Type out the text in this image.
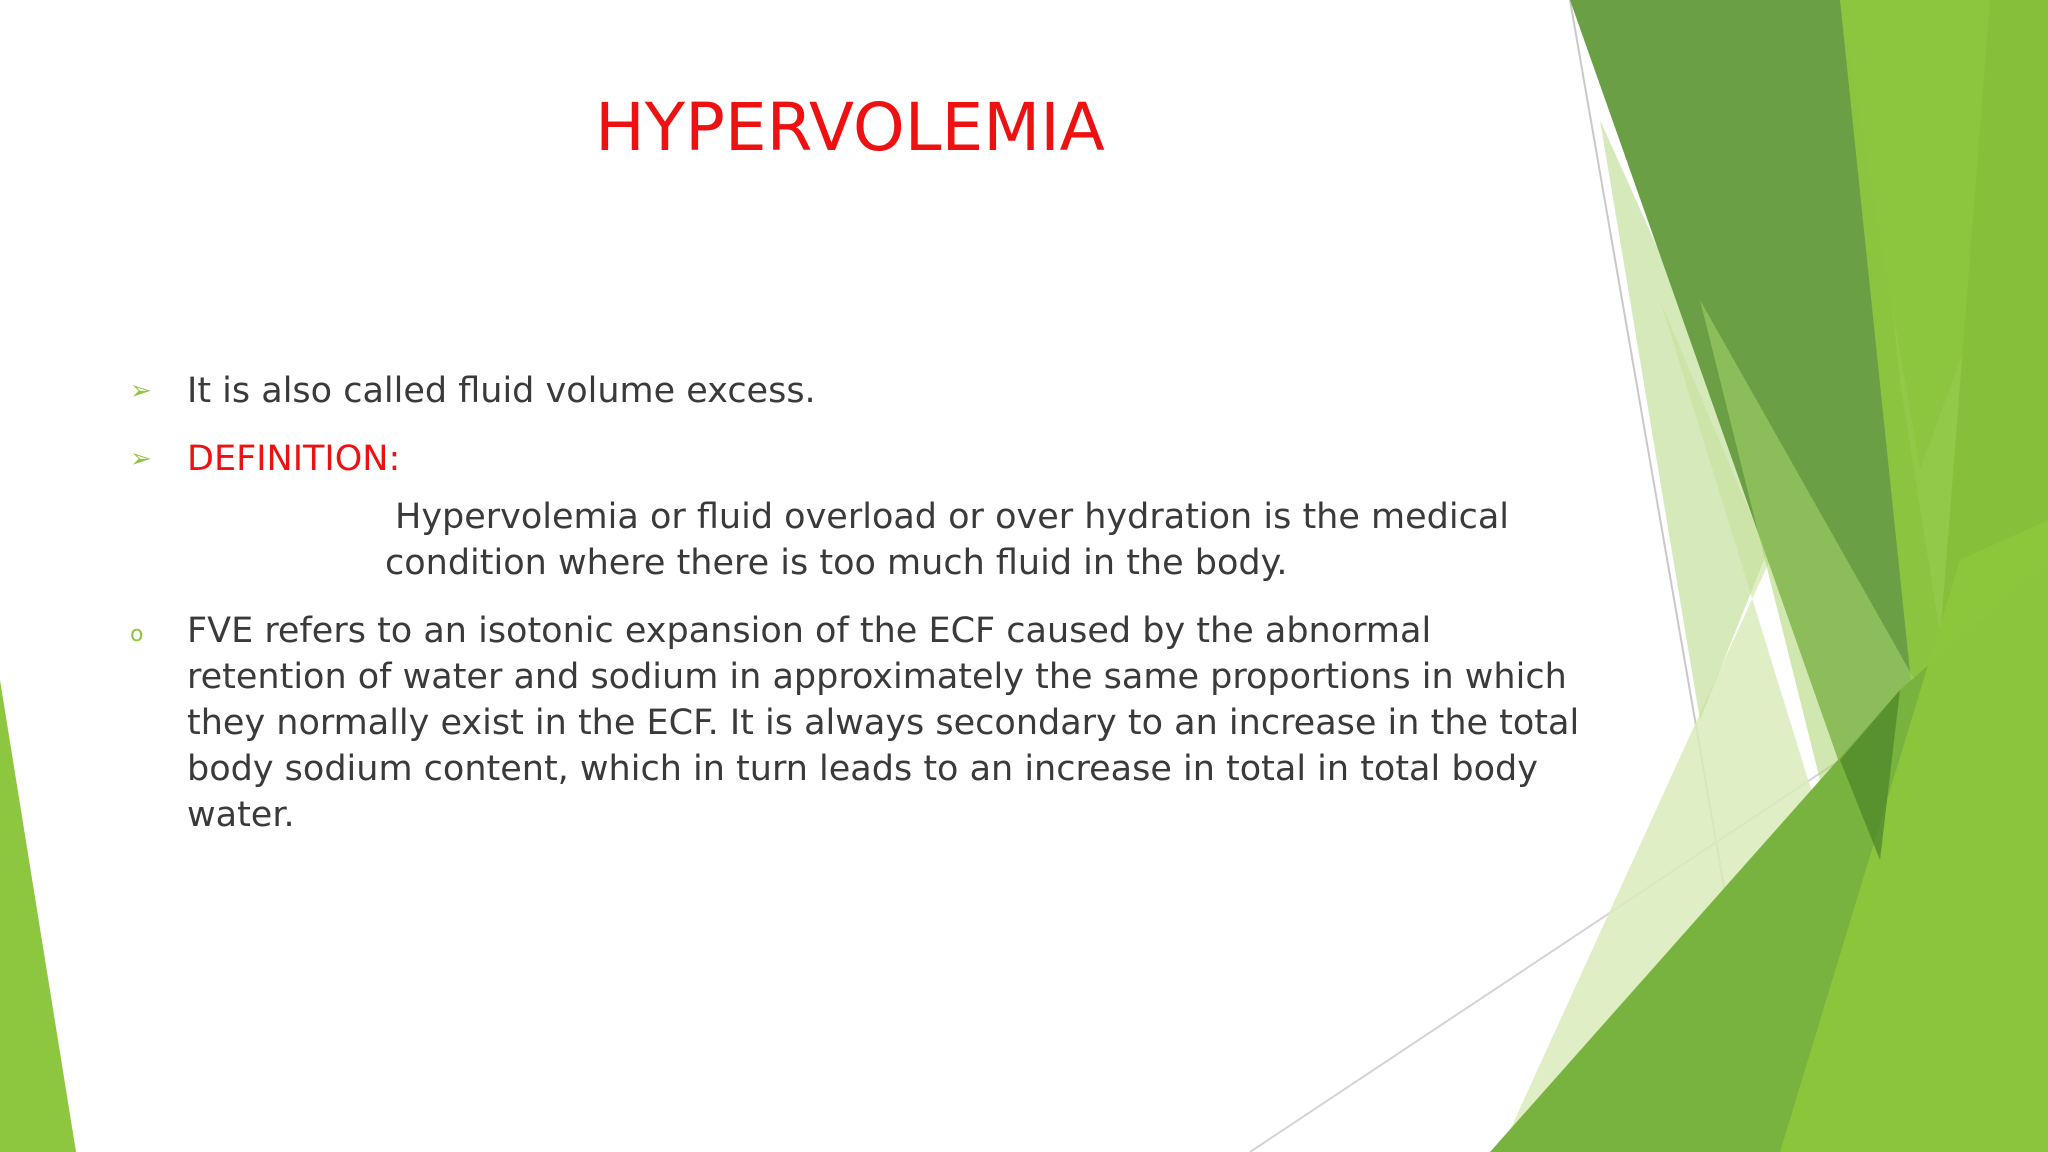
HYPERVOLEMIA
➢ It is also called fluid volume excess.
➢ DEFINITION:
Hypervolemia or fluid overload or over hydration is the medical condition where there is too much fluid in the body.
o	FVE refers to an isotonic expansion of the ECF caused by the abnormal retention of water and sodium in approximately the same proportions in which they normally exist in the ECF. It is always secondary to an increase in the total body sodium content, which in turn leads to an increase in total in total body water.
